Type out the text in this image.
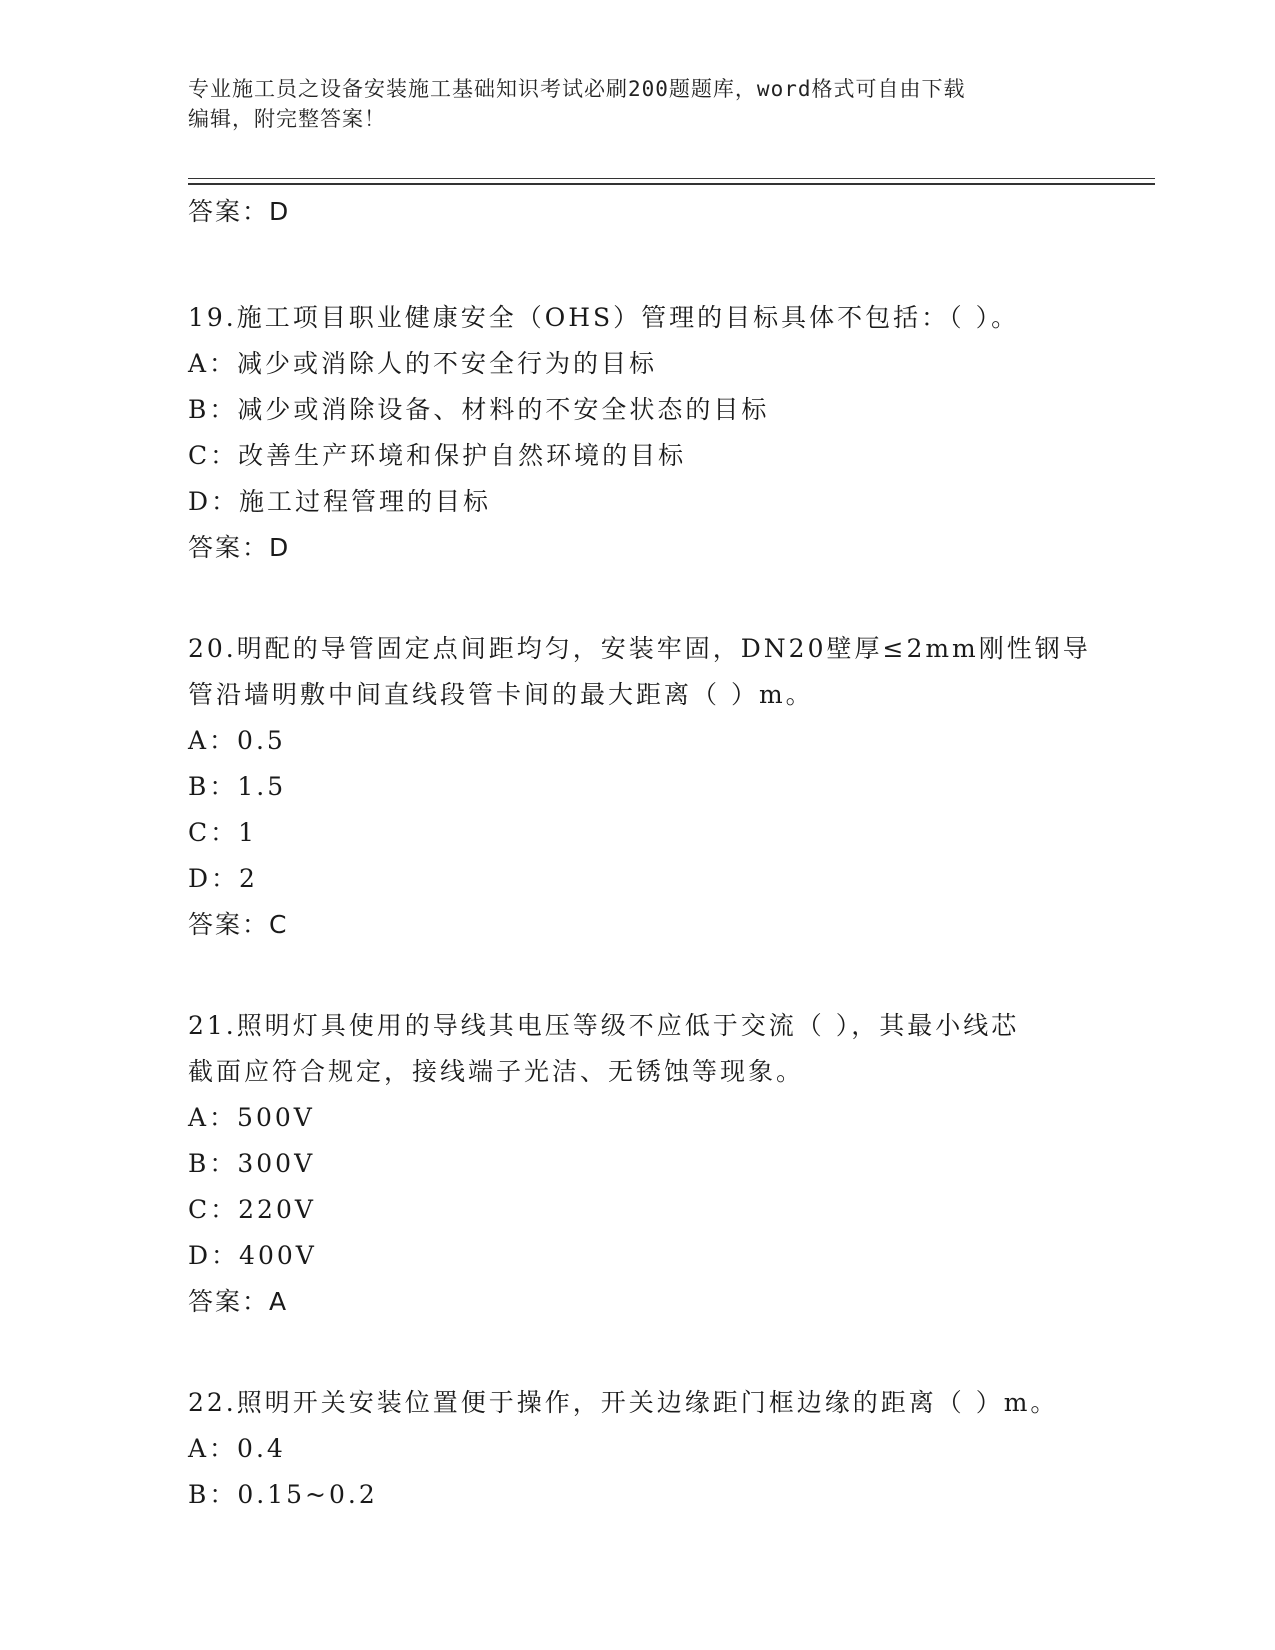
专业施工员之设备安装施工基础知识考试必刷200题题库，word格式可自由下载
编辑，附完整答案！
答案：D
19.施工项目职业健康安全（OHS）管理的目标具体不包括：（ ）。
A：减少或消除人的不安全行为的目标
B：减少或消除设备、材料的不安全状态的目标
C：改善生产环境和保护自然环境的目标
D：施工过程管理的目标
答案：D
20.明配的导管固定点间距均匀，安装牢固，DN20壁厚≤2mm刚性钢导
管沿墙明敷中间直线段管卡间的最大距离（ ）m。
A：0.5
B：1.5
C：1
D：2
答案：C
21.照明灯具使用的导线其电压等级不应低于交流（ ），其最小线芯
截面应符合规定，接线端子光洁、无锈蚀等现象。
A：500V
B：300V
C：220V
D：400V
答案：A
22.照明开关安装位置便于操作，开关边缘距门框边缘的距离（ ）m。
A：0.4
B：0.15~0.2
